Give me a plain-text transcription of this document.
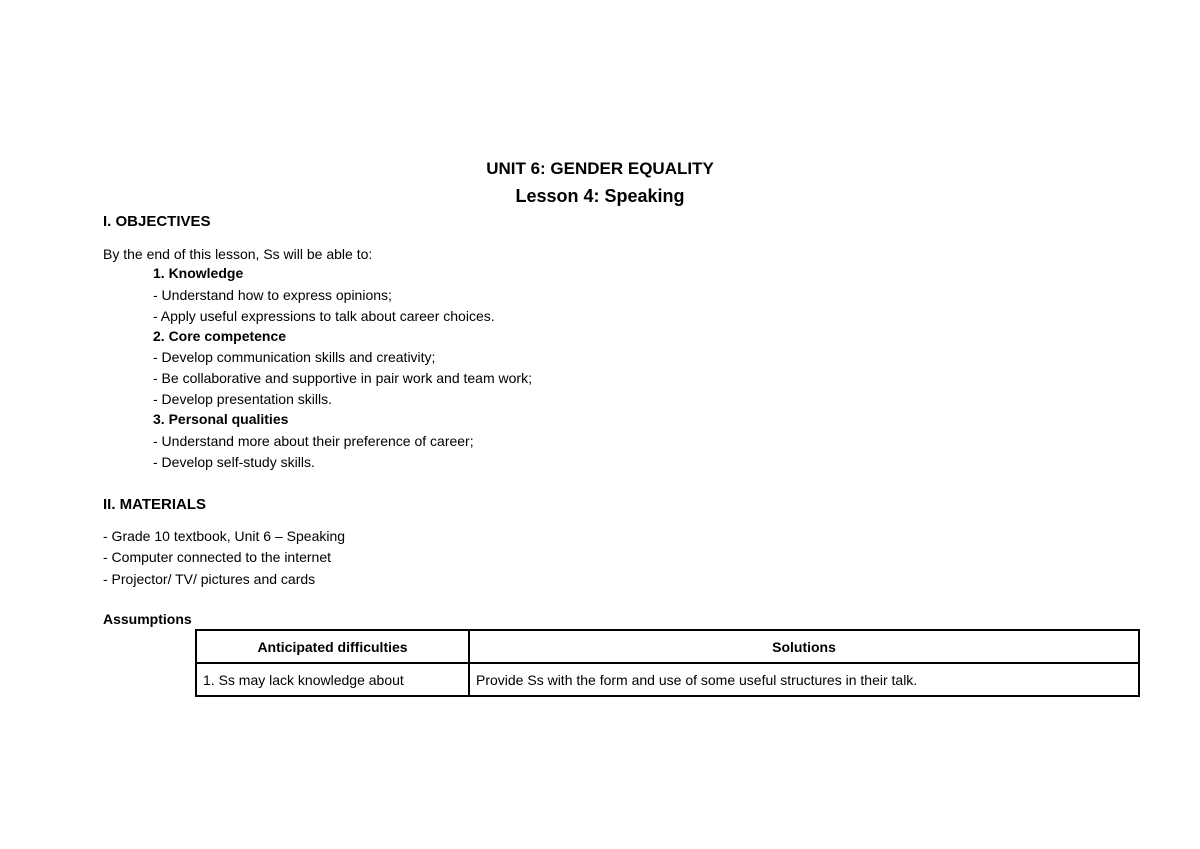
UNIT 6: GENDER EQUALITY
Lesson 4: Speaking
I. OBJECTIVES
By the end of this lesson, Ss will be able to:
1. Knowledge
- Understand how to express opinions;
- Apply useful expressions to talk about career choices.
2. Core competence
- Develop communication skills and creativity;
- Be collaborative and supportive in pair work and team work;
- Develop presentation skills.
3. Personal qualities
- Understand more about their preference of career;
- Develop self-study skills.
II. MATERIALS
- Grade 10 textbook, Unit 6 – Speaking
- Computer connected to the internet
- Projector/ TV/ pictures and cards
Assumptions
Anticipated difficulties	Solutions
1. Ss may lack knowledge about	Provide Ss with the form and use of some useful structures in their talk.
